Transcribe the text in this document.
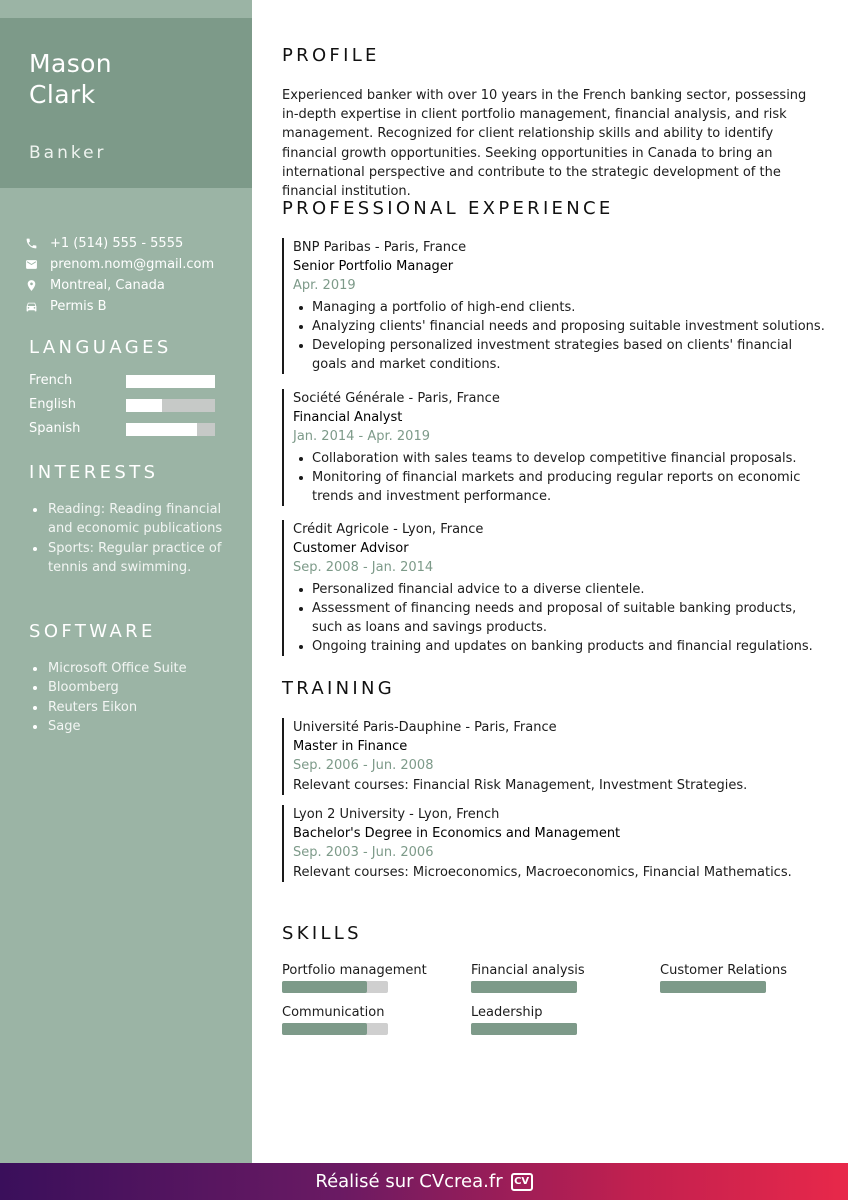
Mason
Clark
Banker
+1 (514) 555 - 5555
prenom.nom@gmail.com
Montreal, Canada
Permis B
LANGUAGES
French
English
Spanish
INTERESTS
Reading: Reading financial and economic publications
Sports: Regular practice of tennis and swimming.
SOFTWARE
Microsoft Office Suite
Bloomberg
Reuters Eikon
Sage
PROFILE
Experienced banker with over 10 years in the French banking sector, possessing in-depth expertise in client portfolio management, financial analysis, and risk management. Recognized for client relationship skills and ability to identify financial growth opportunities. Seeking opportunities in Canada to bring an international perspective and contribute to the strategic development of the financial institution.
PROFESSIONAL EXPERIENCE
BNP Paribas - Paris, France
Senior Portfolio Manager
Apr. 2019
Managing a portfolio of high-end clients.
Analyzing clients' financial needs and proposing suitable investment solutions.
Developing personalized investment strategies based on clients' financial goals and market conditions.
Société Générale - Paris, France
Financial Analyst
Jan. 2014 - Apr. 2019
Collaboration with sales teams to develop competitive financial proposals.
Monitoring of financial markets and producing regular reports on economic trends and investment performance.
Crédit Agricole - Lyon, France
Customer Advisor
Sep. 2008 - Jan. 2014
Personalized financial advice to a diverse clientele.
Assessment of financing needs and proposal of suitable banking products, such as loans and savings products.
Ongoing training and updates on banking products and financial regulations.
TRAINING
Université Paris-Dauphine - Paris, France
Master in Finance
Sep. 2006 - Jun. 2008
Relevant courses: Financial Risk Management, Investment Strategies.
Lyon 2 University - Lyon, French
Bachelor's Degree in Economics and Management
Sep. 2003 - Jun. 2006
Relevant courses: Microeconomics, Macroeconomics, Financial Mathematics.
SKILLS
Portfolio management	Financial analysis	Customer Relations
Communication	Leadership
Réalisé sur CVcrea.fr	CV
